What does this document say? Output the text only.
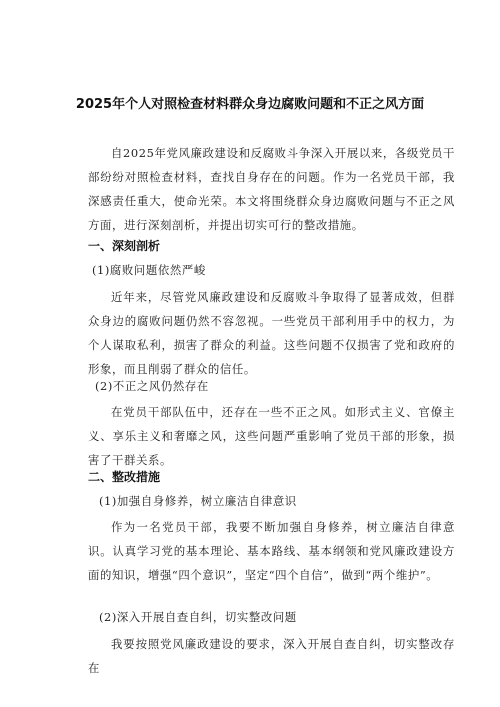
2025年个人对照检查材料群众身边腐败问题和不正之风方面

自2025年党风廉政建设和反腐败斗争深入开展以来，各级党员干部纷纷对照检查材料，查找自身存在的问题。作为一名党员干部，我深感责任重大，使命光荣。本文将围绕群众身边腐败问题与不正之风方面，进行深刻剖析，并提出切实可行的整改措施。

一、深刻剖析
(1)腐败问题依然严峻

近年来，尽管党风廉政建设和反腐败斗争取得了显著成效，但群众身边的腐败问题仍然不容忽视。一些党员干部利用手中的权力，为个人谋取私利，损害了群众的利益。这些问题不仅损害了党和政府的形象，而且削弱了群众的信任。

(2)不正之风仍然存在

在党员干部队伍中，还存在一些不正之风。如形式主义、官僚主义、享乐主义和奢靡之风，这些问题严重影响了党员干部的形象，损害了干群关系。

二、整改措施
(1)加强自身修养，树立廉洁自律意识

作为一名党员干部，我要不断加强自身修养，树立廉洁自律意识。认真学习党的基本理论、基本路线、基本纲领和党风廉政建设方面的知识，增强“四个意识”，坚定“四个自信”，做到“两个维护”。

(2)深入开展自查自纠，切实整改问题

我要按照党风廉政建设的要求，深入开展自查自纠，切实整改存在
